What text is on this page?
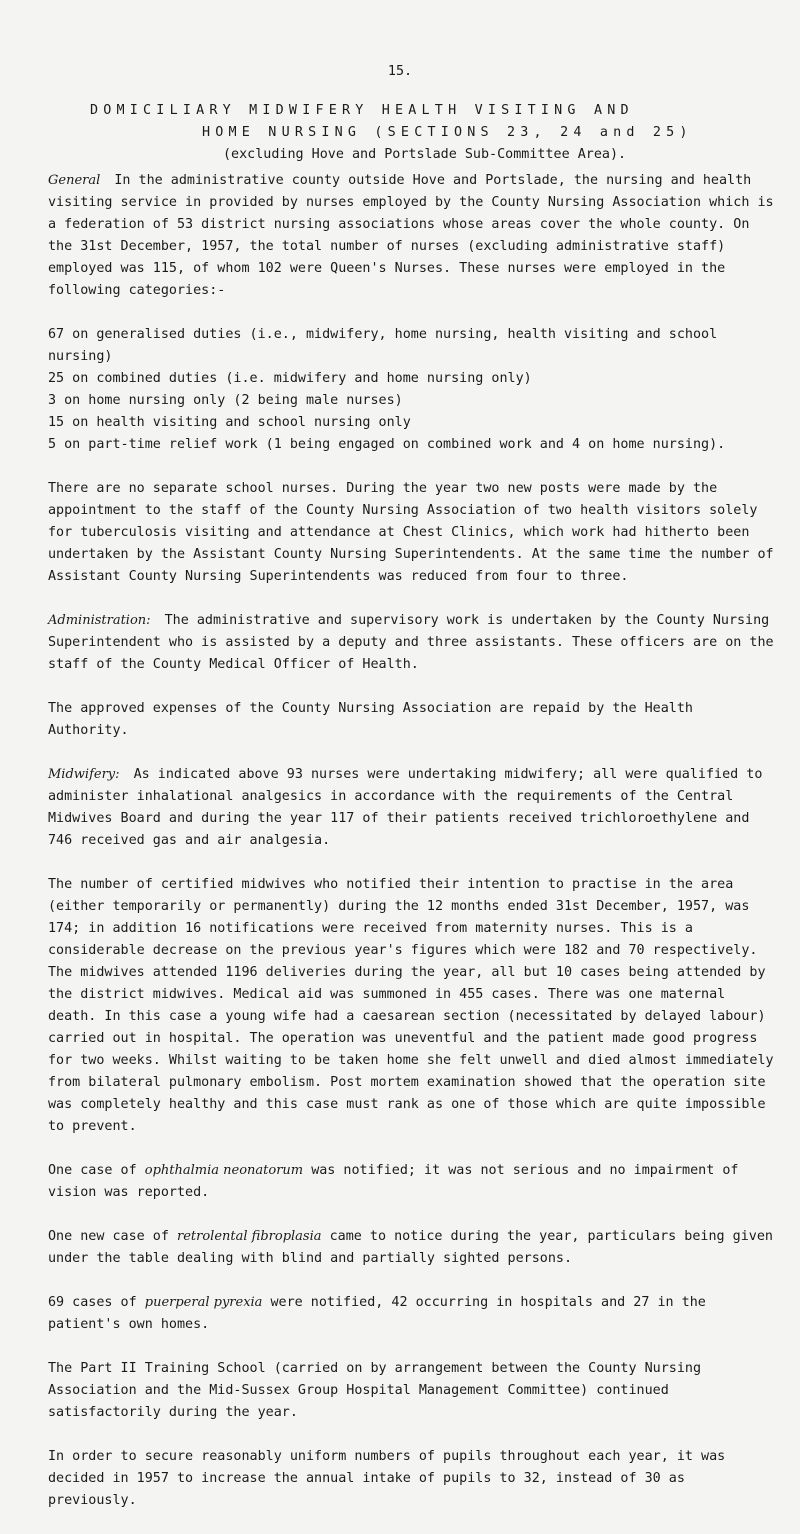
15.
DOMICILIARY MIDWIFERY HEALTH VISITING AND
HOME NURSING (SECTIONS 23, 24 and 25)
(excluding Hove and Portslade Sub-Committee Area).

General In the administrative county outside Hove and Portslade, the nursing and health visiting service in provided by nurses employed by the County Nursing Association which is a federation of 53 district nursing associations whose areas cover the whole county. On the 31st December, 1957, the total number of nurses (excluding administrative staff) employed was 115, of whom 102 were Queen's Nurses. These nurses were employed in the following categories:-

67 on generalised duties (i.e., midwifery, home nursing, health visiting and school nursing)
25 on combined duties (i.e. midwifery and home nursing only)
3 on home nursing only (2 being male nurses)
15 on health visiting and school nursing only
5 on part-time relief work (1 being engaged on combined work and 4 on home nursing).

There are no separate school nurses. During the year two new posts were made by the appointment to the staff of the County Nursing Association of two health visitors solely for tuberculosis visiting and attendance at Chest Clinics, which work had hitherto been undertaken by the Assistant County Nursing Superintendents. At the same time the number of Assistant County Nursing Superintendents was reduced from four to three.

Administration: The administrative and supervisory work is undertaken by the County Nursing Superintendent who is assisted by a deputy and three assistants. These officers are on the staff of the County Medical Officer of Health.

The approved expenses of the County Nursing Association are repaid by the Health Authority.

Midwifery: As indicated above 93 nurses were undertaking midwifery; all were qualified to administer inhalational analgesics in accordance with the requirements of the Central Midwives Board and during the year 117 of their patients received trichloroethylene and 746 received gas and air analgesia.

The number of certified midwives who notified their intention to practise in the area (either temporarily or permanently) during the 12 months ended 31st December, 1957, was 174; in addition 16 notifications were received from maternity nurses. This is a considerable decrease on the previous year's figures which were 182 and 70 respectively. The midwives attended 1196 deliveries during the year, all but 10 cases being attended by the district midwives. Medical aid was summoned in 455 cases. There was one maternal death. In this case a young wife had a caesarean section (necessitated by delayed labour) carried out in hospital. The operation was uneventful and the patient made good progress for two weeks. Whilst waiting to be taken home she felt unwell and died almost immediately from bilateral pulmonary embolism. Post mortem examination showed that the operation site was completely healthy and this case must rank as one of those which are quite impossible to prevent.

One case of ophthalmia neonatorum was notified; it was not serious and no impairment of vision was reported.

One new case of retrolental fibroplasia came to notice during the year, particulars being given under the table dealing with blind and partially sighted persons.

69 cases of puerperal pyrexia were notified, 42 occurring in hospitals and 27 in the patient's own homes.

The Part II Training School (carried on by arrangement between the County Nursing Association and the Mid-Sussex Group Hospital Management Committee) continued satisfactorily during the year.

In order to secure reasonably uniform numbers of pupils throughout each year, it was decided in 1957 to increase the annual intake of pupils to 32, instead of 30 as previously.
